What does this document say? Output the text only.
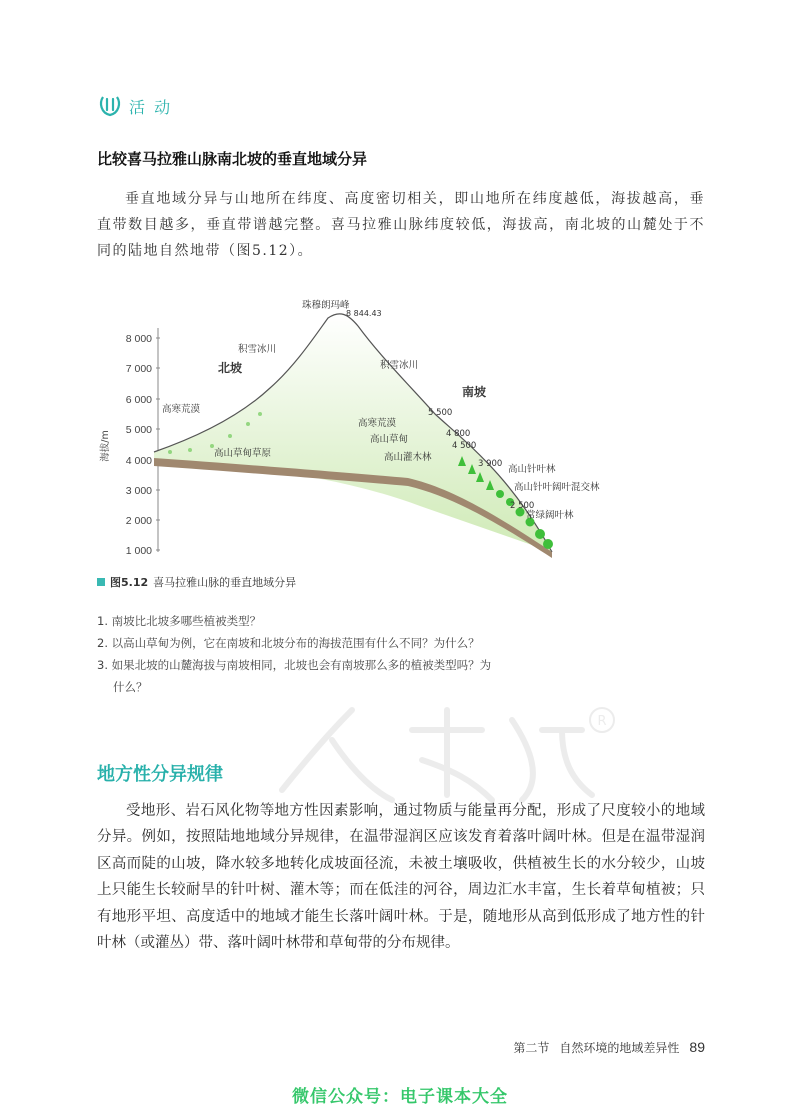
活 动
比较喜马拉雅山脉南北坡的垂直地域分异
垂直地域分异与山地所在纬度、高度密切相关，即山地所在纬度越低，海拔越高，垂直带数目越多，垂直带谱越完整。喜马拉雅山脉纬度较低，海拔高，南北坡的山麓处于不同的陆地自然地带（图5.12）。
8 000
7 000
6 000
5 000
4 000
3 000
2 000
1 000
海拔/m
珠穆朗玛峰
8 844.43
北坡
南坡
积雪冰川
高寒荒漠
高山草甸草原
积雪冰川
高寒荒漠
高山草甸
高山灌木林
高山针叶林
高山针叶阔叶混交林
常绿阔叶林
5 500
4 800
4 500
3 900
2 500
图5.12 喜马拉雅山脉的垂直地域分异
1. 南坡比北坡多哪些植被类型？
2. 以高山草甸为例，它在南坡和北坡分布的海拔范围有什么不同？为什么？
3. 如果北坡的山麓海拔与南坡相同，北坡也会有南坡那么多的植被类型吗？为
什么？
R
地方性分异规律
受地形、岩石风化物等地方性因素影响，通过物质与能量再分配，形成了尺度较小的地域分异。例如，按照陆地地域分异规律，在温带湿润区应该发育着落叶阔叶林。但是在温带湿润区高而陡的山坡，降水较多地转化成坡面径流，未被土壤吸收，供植被生长的水分较少，山坡上只能生长较耐旱的针叶树、灌木等；而在低洼的河谷，周边汇水丰富，生长着草甸植被；只有地形平坦、高度适中的地域才能生长落叶阔叶林。于是，随地形从高到低形成了地方性的针叶林（或灌丛）带、落叶阔叶林带和草甸带的分布规律。
第二节 自然环境的地域差异性 89
微信公众号：电子课本大全
